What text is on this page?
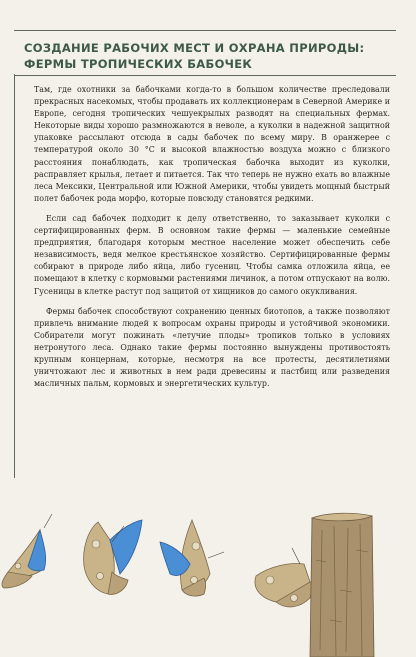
СОЗДАНИЕ РАБОЧИХ МЕСТ И ОХРАНА ПРИРОДЫ:
ФЕРМЫ ТРОПИЧЕСКИХ БАБОЧЕК

Там, где охотники за бабочками когда-то в большом количестве преследовали прекрасных насекомых, чтобы продавать их коллекционерам в Северной Америке и Европе, сегодня тропических чешуекрылых разводят на специальных фермах. Некоторые виды хорошо размножаются в неволе, а куколки в надежной защитной упаковке рассылают отсюда в сады бабочек по всему миру. В оранжерее с температурой около 30 °C и высокой влажностью воздуха можно с близкого расстояния понаблюдать, как тропическая бабочка выходит из куколки, расправляет крылья, летает и питается. Так что теперь не нужно ехать во влажные леса Мексики, Центральной или Южной Америки, чтобы увидеть мощный быстрый полет бабочек рода морфо, которые повсюду становятся редкими.

Если сад бабочек подходит к делу ответственно, то заказывает куколки с сертифицированных ферм. В основном такие фермы — маленькие семейные предприятия, благодаря которым местное население может обеспечить себе независимость, ведя мелкое крестьянское хозяйство. Сертифицированные фермы собирают в природе либо яйца, либо гусениц. Чтобы самка отложила яйца, ее помещают в клетку с кормовыми растениями личинок, а потом отпускают на волю. Гусеницы в клетке растут под защитой от хищников до самого окукливания.

Фермы бабочек способствуют сохранению ценных биотопов, а также позволяют привлечь внимание людей к вопросам охраны природы и устойчивой экономики. Собиратели могут пожинать «летучие плоды» тропиков только в условиях нетронутого леса. Однако такие фермы постоянно вынуждены противостоять крупным концернам, которые, несмотря на все протесты, десятилетиями уничтожают лес и животных в нем ради древесины и пастбищ или разведения масличных пальм, кормовых и энергетических культур.
